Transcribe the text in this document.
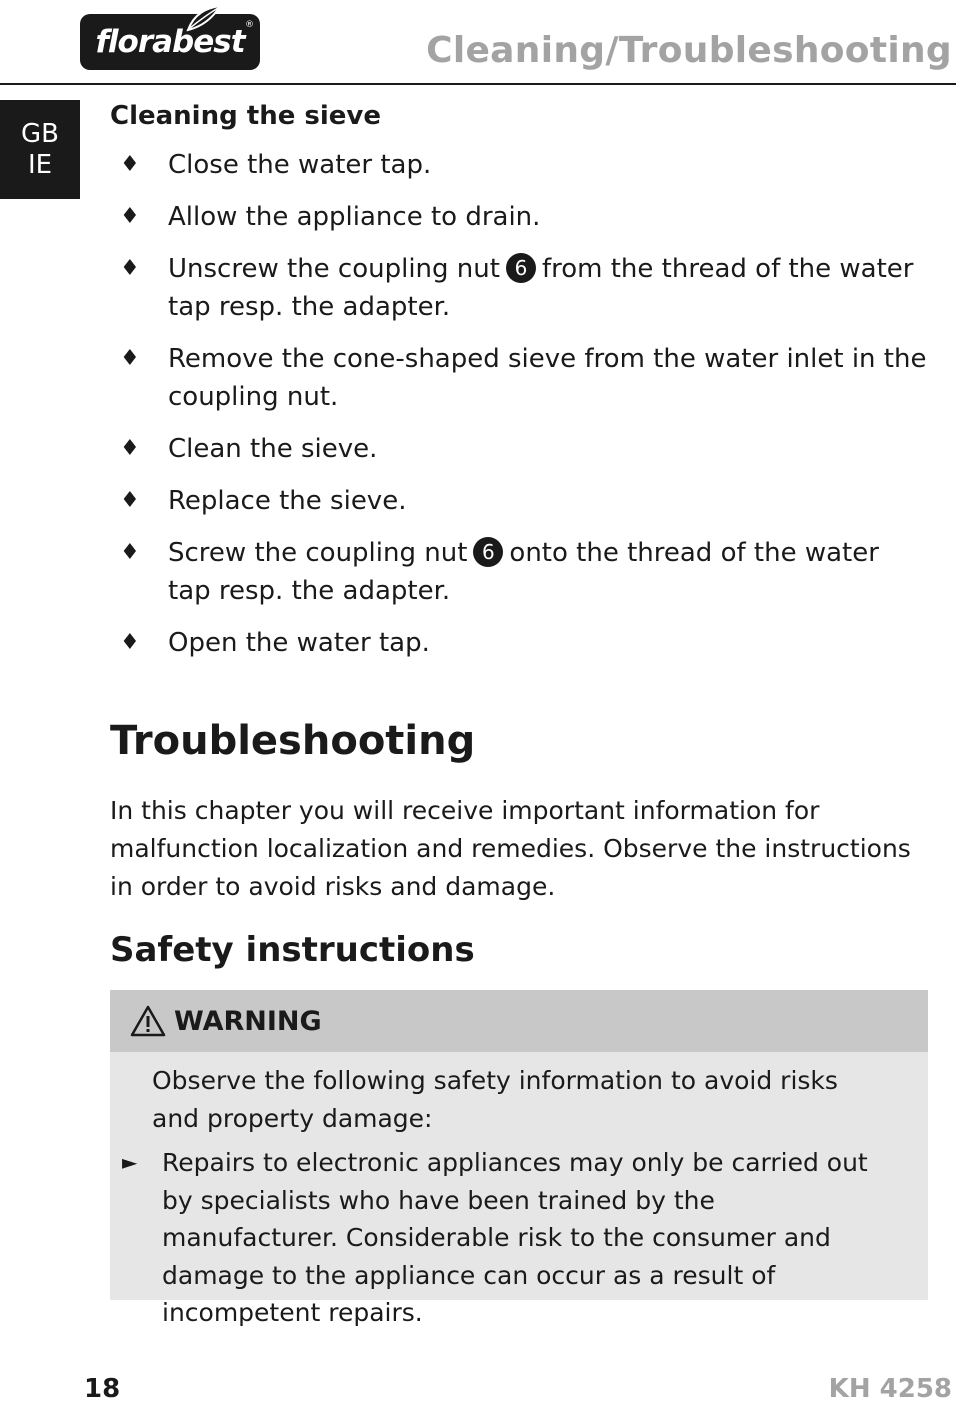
florabest ®
Cleaning/Troubleshooting
GB
IE
Cleaning the sieve
♦ Close the water tap.
♦ Allow the appliance to drain.
♦ Unscrew the coupling nut 6 from the thread of the water tap resp. the adapter.
♦ Remove the cone-shaped sieve from the water inlet in the coupling nut.
♦ Clean the sieve.
♦ Replace the sieve.
♦ Screw the coupling nut 6 onto the thread of the water tap resp. the adapter.
♦ Open the water tap.
Troubleshooting

In this chapter you will receive important information for malfunction localization and remedies. Observe the instructions in order to avoid risks and damage.

Safety instructions
WARNING

Observe the following safety information to avoid risks and property damage:

► Repairs to electronic appliances may only be carried out by specialists who have been trained by the manufacturer. Considerable risk to the consumer and damage to the appliance can occur as a result of incompetent repairs.
18	KH 4258
